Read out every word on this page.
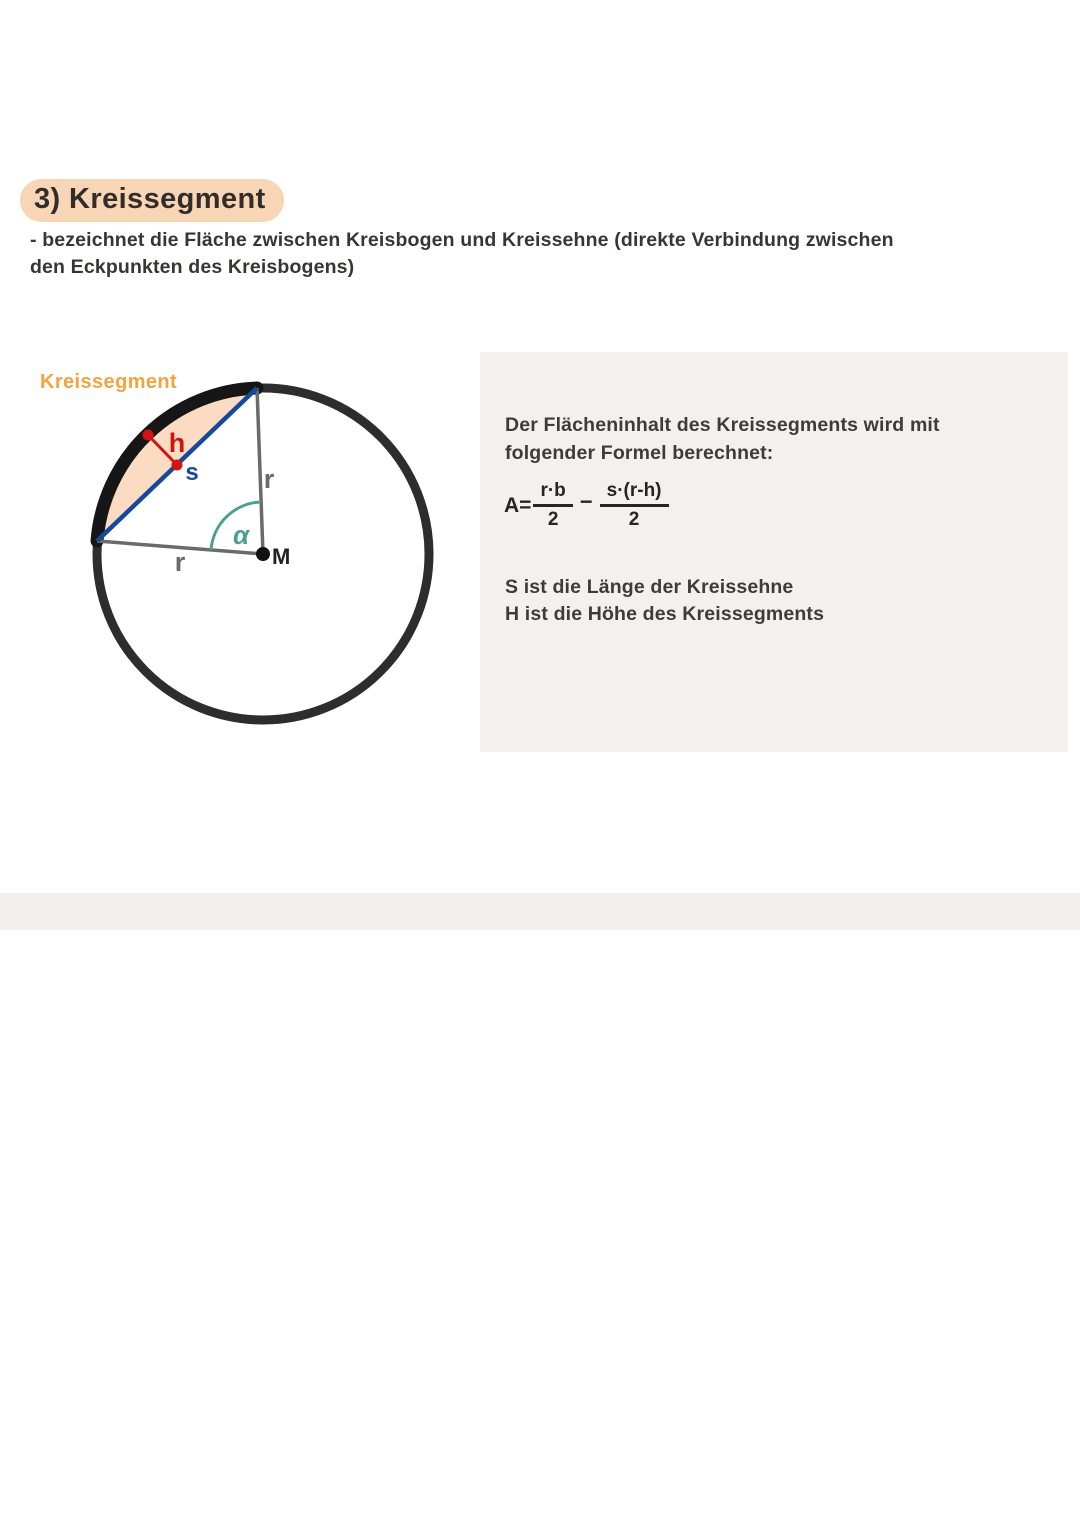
3) Kreissegment
- bezeichnet die Fläche zwischen Kreisbogen und Kreissehne (direkte Verbindung zwischen
den Eckpunkten des Kreisbogens)
Kreissegment
h
s r
r
α
M
Der Flächeninhalt des Kreissegments wird mit
folgender Formel berechnet:
$A= \frac{r\cdot b}{2} - \frac{s\cdot(r-h)}{2}$
S ist die Länge der Kreissehne
H ist die Höhe des Kreissegments
